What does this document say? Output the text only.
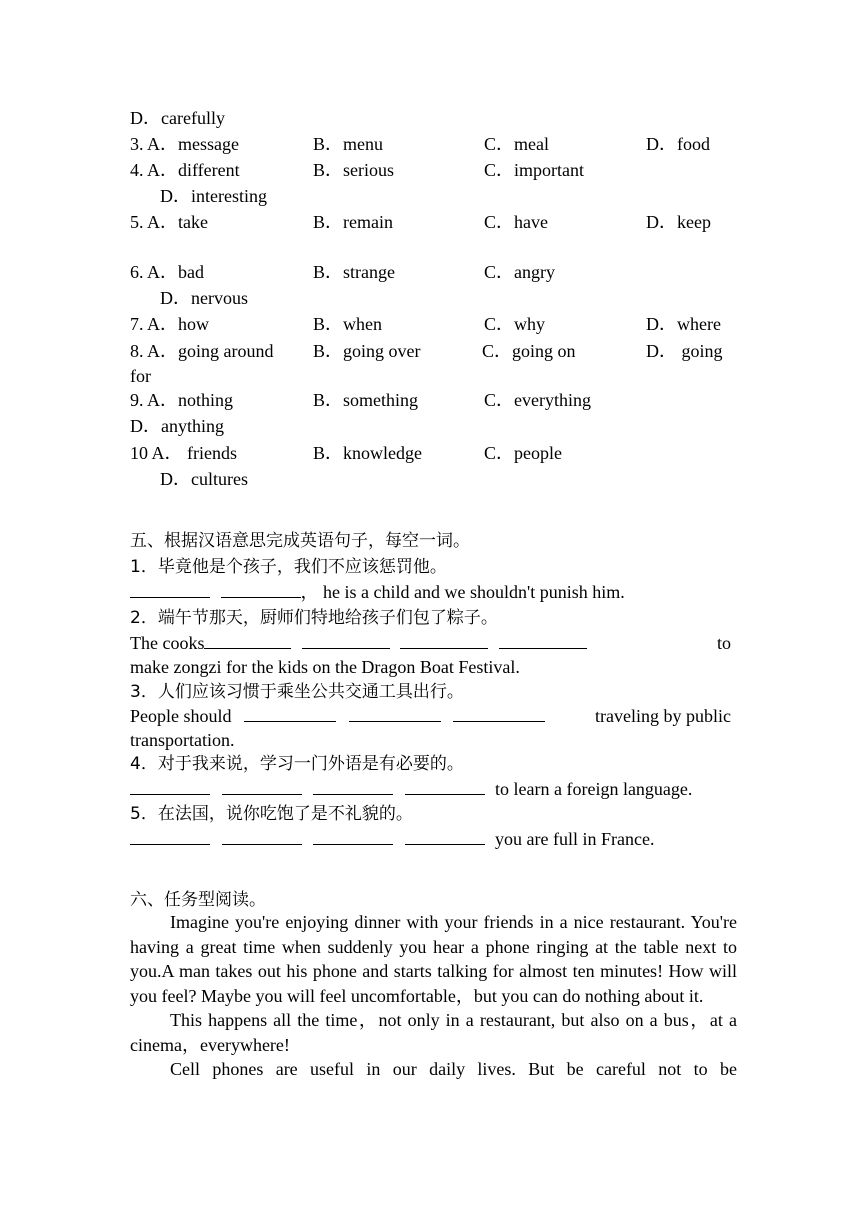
D．carefully
3. A．message	B．menu	C．meal	D．food
4. A．different	B．serious	C．important
D．interesting
5. A．take	B．remain	C．have	D．keep
6. A．bad	B．strange	C．angry
D．nervous
7. A．how	B．when	C．why	D．where
8. A．going around B．going over	C．going on	D． going
for
9. A．nothing	B．something	C．everything
D．anything
10 A． friends	B．knowledge	C．people
D．cultures
五、根据汉语意思完成英语句子，每空一词。
1．毕竟他是个孩子，我们不应该惩罚他。
， he is a child and we shouldn't punish him.
2．端午节那天，厨师们特地给孩子们包了粽子。
The cooks	to
make zongzi for the kids on the Dragon Boat Festival.
3．人们应该习惯于乘坐公共交通工具出行。
People should	traveling by public
transportation.
4．对于我来说，学习一门外语是有必要的。
to learn a foreign language.
5．在法国，说你吃饱了是不礼貌的。
you are full in France.
六、任务型阅读。
Imagine you're enjoying dinner with your friends in a nice restaurant. You're having a great time when suddenly you hear a phone ringing at the table next to you.A man takes out his phone and starts talking for almost ten minutes! How will you feel? Maybe you will feel uncomfortable，but you can do nothing about it.
This happens all the time，not only in a restaurant, but also on a bus，at a cinema，everywhere!
Cell phones are useful in our daily lives. But be careful not to be
